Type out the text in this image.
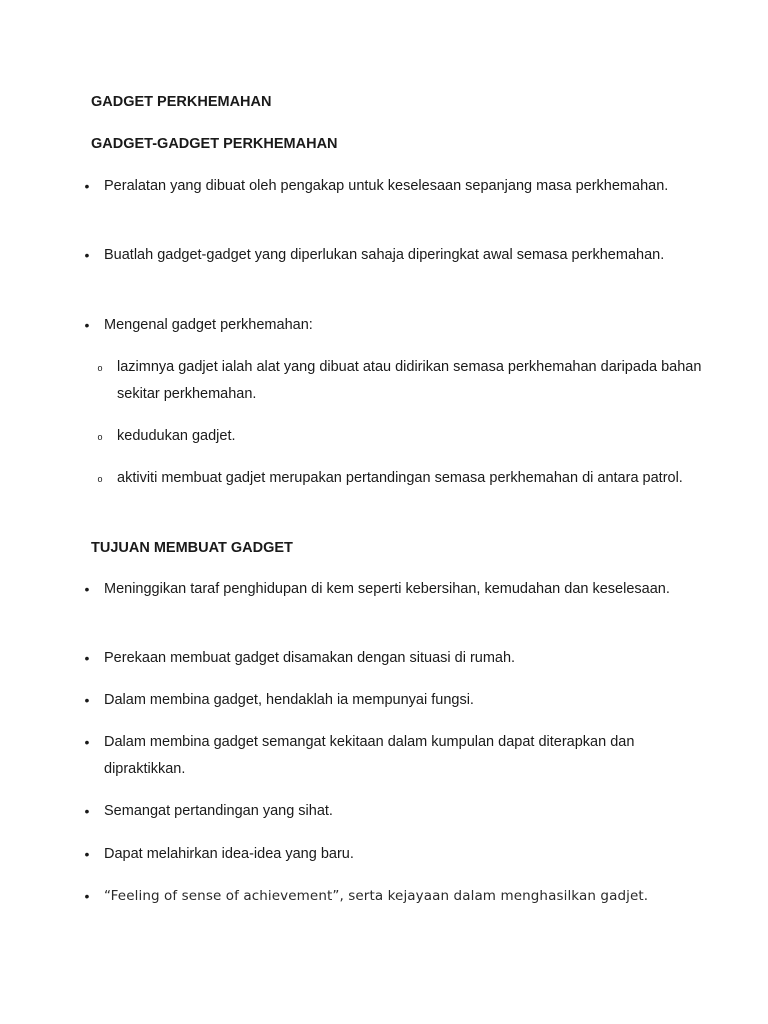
GADGET PERKHEMAHAN
GADGET-GADGET PERKHEMAHAN

•	Peralatan yang dibuat oleh pengakap untuk keselesaan sepanjang masa perkhemahan.

•	Buatlah gadget-gadget yang diperlukan sahaja diperingkat awal semasa perkhemahan.

•	Mengenal gadget perkhemahan:

o	lazimnya gadjet ialah alat yang dibuat atau didirikan semasa perkhemahan daripada bahan sekitar perkhemahan.

o	kedudukan gadjet.

o	aktiviti membuat gadjet merupakan pertandingan semasa perkhemahan di antara patrol.

TUJUAN MEMBUAT GADGET

•	Meninggikan taraf penghidupan di kem seperti kebersihan, kemudahan dan keselesaan.

•	Perekaan membuat gadget disamakan dengan situasi di rumah.

•	Dalam membina gadget, hendaklah ia mempunyai fungsi.

•	Dalam membina gadget semangat kekitaan dalam kumpulan dapat diterapkan dan dipraktikkan.

•	Semangat pertandingan yang sihat.

•	Dapat melahirkan idea-idea yang baru.

•	“Feeling of sense of achievement”, serta kejayaan dalam menghasilkan gadjet.
